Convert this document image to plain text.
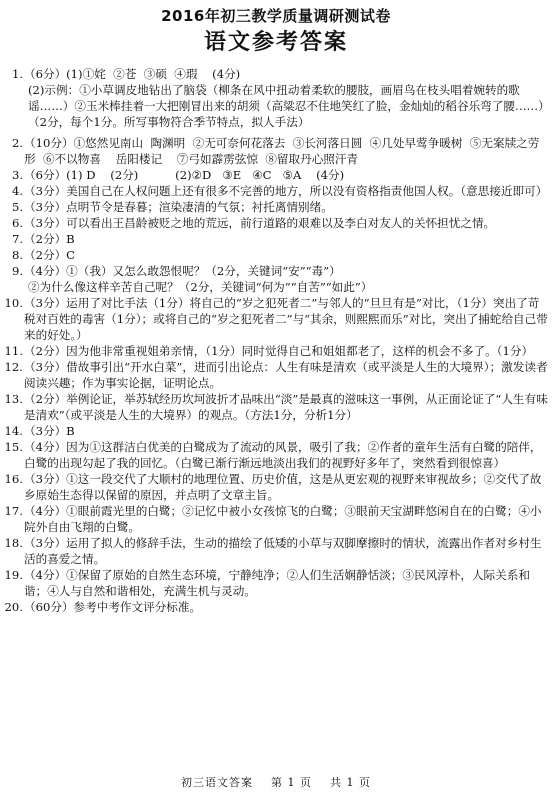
2016年初三教学质量调研测试卷
语文参考答案
1. （6分）(1)①姹  ②苍  ③硕  ④瑕    (4分)
(2)示例：①小草调皮地钻出了脑袋（柳条在风中扭动着柔软的腰肢，画眉鸟在枝头唱着婉转的歌谣……）②玉米棒挂着一大把刚冒出来的胡须（高粱忍不住地笑红了脸，金灿灿的稻谷乐弯了腰……）（2分，每个1分。所写事物符合季节特点，拟人手法）
2. （10分）①悠然见南山  陶渊明  ②无可奈何花落去  ③长河落日圆  ④几处早莺争暖树  ⑤无案牍之劳形  ⑥不以物喜    岳阳楼记    ⑦弓如霹雳弦惊  ⑧留取丹心照汗青
3. （6分）(1) D    (2分)          (2)②D   ③E   ④C   ⑤A    (4分)
4. （3分）美国自己在人权问题上还有很多不完善的地方，所以没有资格指责他国人权。（意思接近即可）
5. （3分）点明节令是春暮；渲染凄清的气氛；衬托离情别绪。
6. （3分）可以看出王昌龄被贬之地的荒远，前行道路的艰难以及李白对友人的关怀担忧之情。
7. （2分）B
8. （2分）C
9. （4分）①（我）又怎么敢怨恨呢？（2分，关键词“安”“毒”）
②为什么像这样辛苦自己呢？（2分，关键词“何为”“自苦”“如此”）
10. （3分）运用了对比手法（1分）将自己的“岁之犯死者二”与邻人的“旦旦有是”对比，（1分）突出了苛税对百姓的毒害（1分）；或将自己的“岁之犯死者二”与“其余，则熙熙而乐”对比，突出了捕蛇给自己带来的好处。）
11. （2分）因为他非常重视姐弟亲情，（1分）同时觉得自己和姐姐都老了，这样的机会不多了。（1分）
12. （3分）借故事引出“开水白菜”，进而引出论点：人生有味是清欢（或平淡是人生的大境界）；激发读者阅读兴趣；作为事实论据，证明论点。
13. （2分）举例论证，举苏轼经历坎坷波折才品味出“淡”是最真的滋味这一事例，从正面论证了“人生有味是清欢”（或平淡是人生的大境界）的观点。（方法1分，分析1分）
14. （3分）B
15. （4分）因为①这群洁白优美的白鹭成为了流动的风景，吸引了我；②作者的童年生活有白鹭的陪伴，白鹭的出现勾起了我的回忆。（白鹭已渐行渐远地淡出我们的视野好多年了，突然看到很惊喜）
16. （3分）①这一段交代了大顺村的地理位置、历史价值，这是从更宏观的视野来审视故乡；②交代了故乡原始生态得以保留的原因，并点明了文章主旨。
17. （4分）①眼前霞光里的白鹭；②记忆中被小女孩惊飞的白鹭；③眼前天宝湖畔悠闲自在的白鹭；④小院外自由飞翔的白鹭。
18. （3分）运用了拟人的修辞手法，生动的描绘了低矮的小草与双脚摩擦时的情状，流露出作者对乡村生活的喜爱之情。
19. （4分）①保留了原始的自然生态环境，宁静纯净；②人们生活娴静恬淡；③民风淳朴，人际关系和谐；④人与自然和谐相处，充满生机与灵动。
20. （60分）参考中考作文评分标准。
初三语文答案 第 1 页 共 1 页
